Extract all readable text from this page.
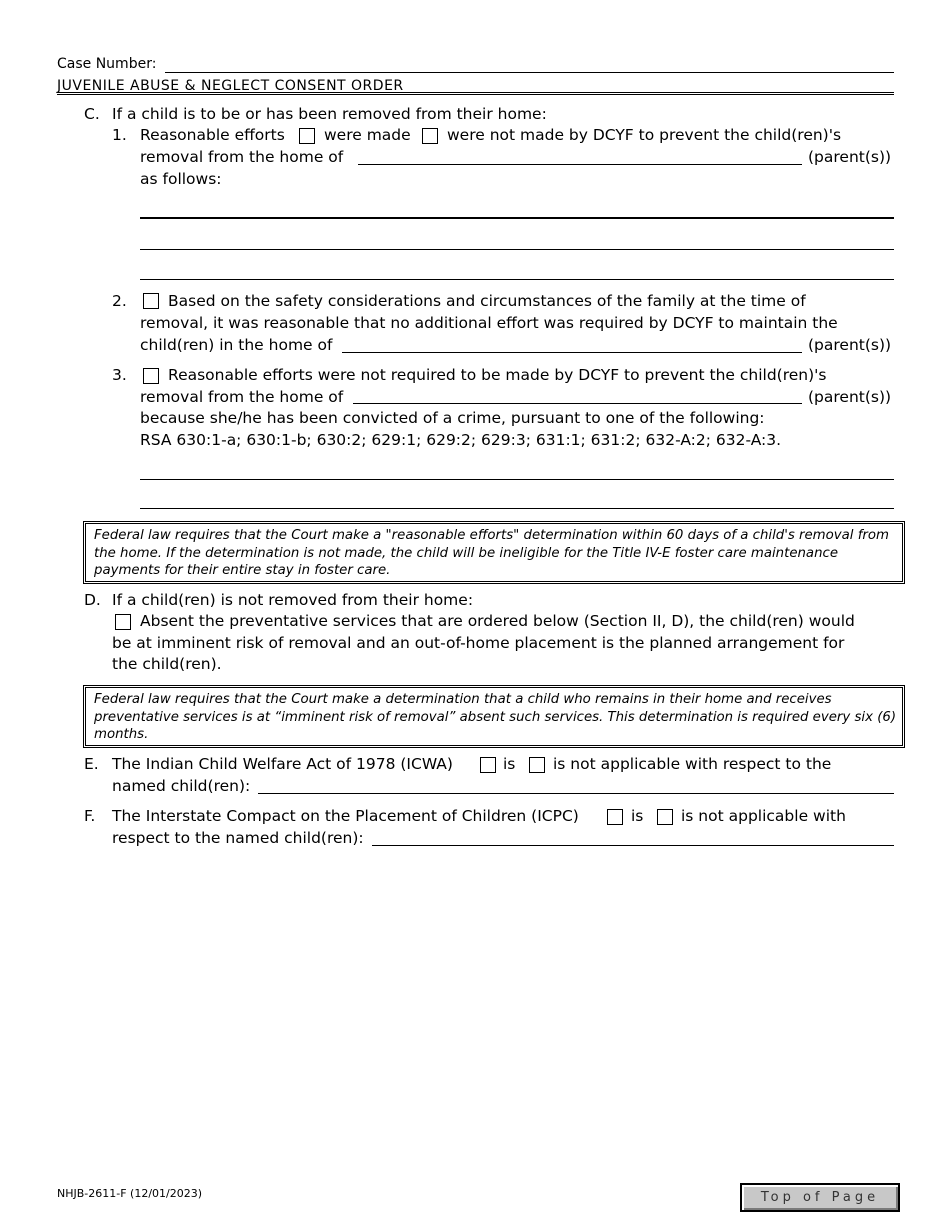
Case Number:
JUVENILE ABUSE & NEGLECT CONSENT ORDER
C. If a child is to be or has been removed from their home:
1. Reasonable efforts	were made were not made by DCYF to prevent the child(ren)'s
removal from the home of	(parent(s))
as follows:
2.	Based on the safety considerations and circumstances of the family at the time of
removal, it was reasonable that no additional effort was required by DCYF to maintain the
child(ren) in the home of	(parent(s))
3.	Reasonable efforts were not required to be made by DCYF to prevent the child(ren)'s
removal from the home of	(parent(s))
because she/he has been convicted of a crime, pursuant to one of the following:
RSA 630:1-a; 630:1-b; 630:2; 629:1; 629:2; 629:3; 631:1; 631:2; 632-A:2; 632-A:3.
Federal law requires that the Court make a "reasonable efforts" determination within 60 days of a child's removal from
the home. If the determination is not made, the child will be ineligible for the Title IV-E foster care maintenance
payments for their entire stay in foster care.
D. If a child(ren) is not removed from their home:
Absent the preventative services that are ordered below (Section II, D), the child(ren) would
be at imminent risk of removal and an out-of-home placement is the planned arrangement for
the child(ren).
Federal law requires that the Court make a determination that a child who remains in their home and receives
preventative services is at “imminent risk of removal” absent such services. This determination is required every six (6)
months.
E. The Indian Child Welfare Act of 1978 (ICWA)	is is not applicable with respect to the
named child(ren):
F. The Interstate Compact on the Placement of Children (ICPC)	is is not applicable with
respect to the named child(ren):
NHJB-2611-F (12/01/2023)	Top of Page
